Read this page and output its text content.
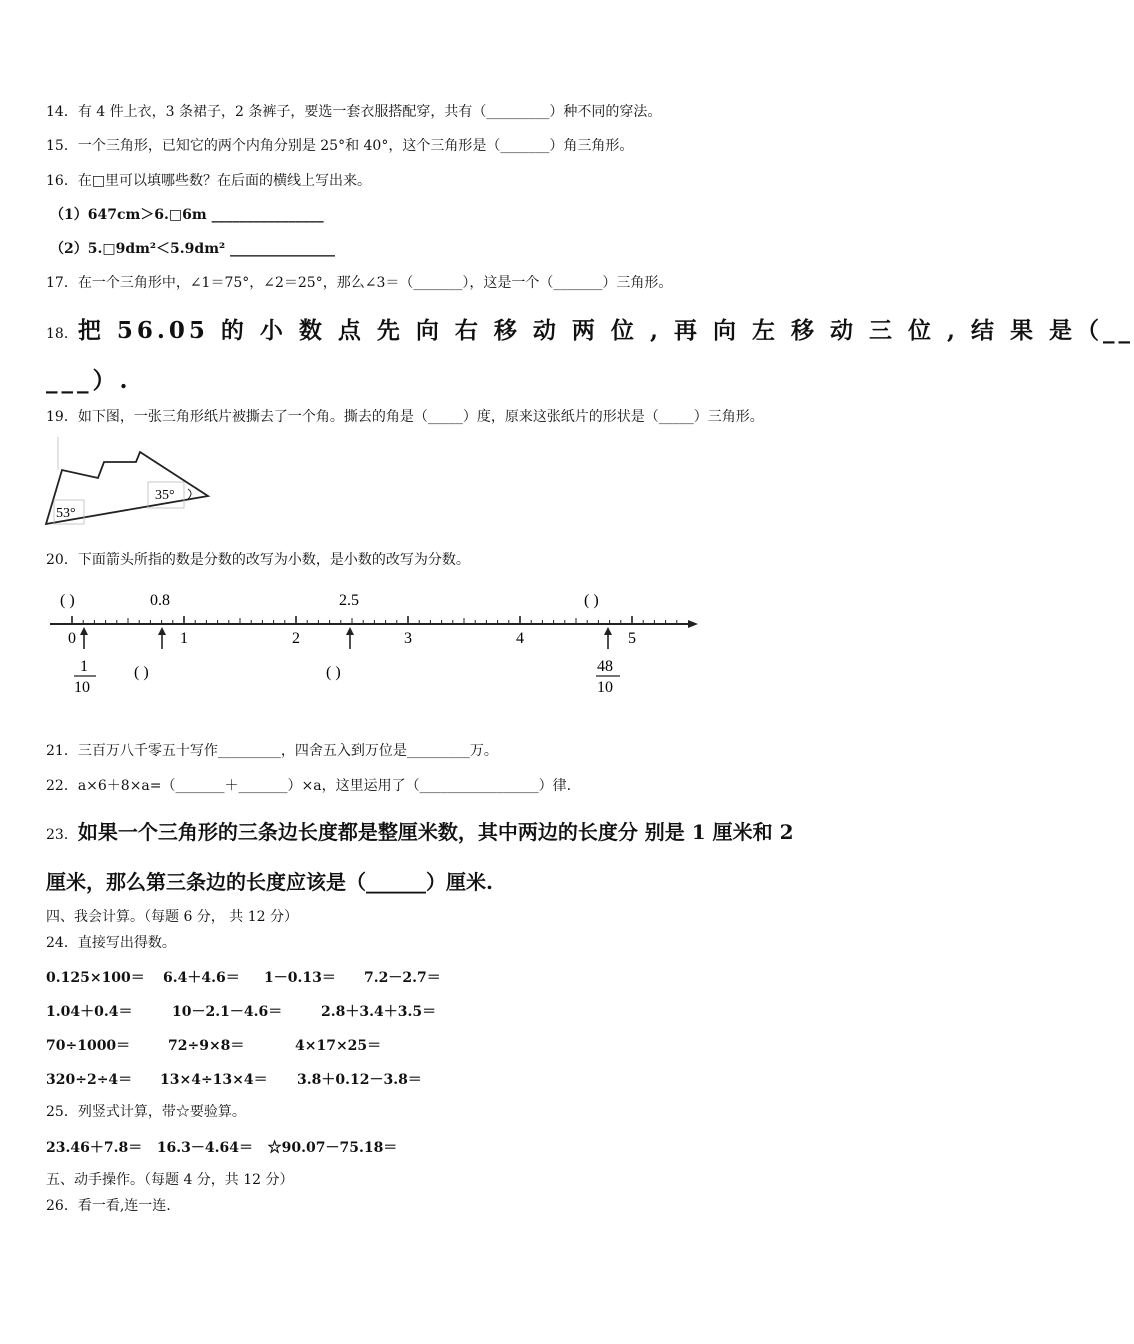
14．有 4 件上衣，3 条裙子，2 条裤子，要选一套衣服搭配穿，共有（_________）种不同的穿法。
15．一个三角形，已知它的两个内角分别是 25°和 40°，这个三角形是（_______）角三角形。
16．在□里可以填哪些数？在后面的横线上写出来。
（1）647cm＞6.□6m ________________
（2）5.□9dm²＜5.9dm² _______________
17．在一个三角形中，∠1＝75°，∠2＝25°，那么∠3＝（_______），这是一个（_______）三角形。
18．把 56.05 的 小 数 点 先 向 右 移 动 两 位 , 再 向 左 移 动 三 位 , 结 果 是（__
___）.
19．如下图，一张三角形纸片被撕去了一个角。撕去的角是（_____）度，原来这张纸片的形状是（_____）三角形。
53°
35°
20．下面箭头所指的数是分数的改写为小数，是小数的改写为分数。
( )	0.8	2.5	( )
0	1	2	3	4	5
1
10
( )	( )	48
10
21．三百万八千零五十写作_________，四舍五入到万位是_________万。
22．a×6＋8×a=（_______＋_______）×a，这里运用了（_________________）律.
23．如果一个三角形的三条边长度都是整厘米数，其中两边的长度分 别是 1 厘米和 2
厘米，那么第三条边的长度应该是（______）厘米.
四、我会计算。（每题 6 分， 共 12 分）
24．直接写出得数。
0.125×100＝ 6.4＋4.6＝ 1－0.13＝ 7.2－2.7＝
1.04＋0.4＝	10－2.1－4.6＝	2.8＋3.4＋3.5＝
70÷1000＝	72÷9×8＝	4×17×25＝
320÷2÷4＝ 13×4÷13×4＝ 3.8＋0.12－3.8＝
25．列竖式计算，带☆要验算。
23.46＋7.8＝   16.3－4.64＝   ☆90.07－75.18＝
五、动手操作。（每题 4 分，共 12 分）
26．看一看,连一连.
